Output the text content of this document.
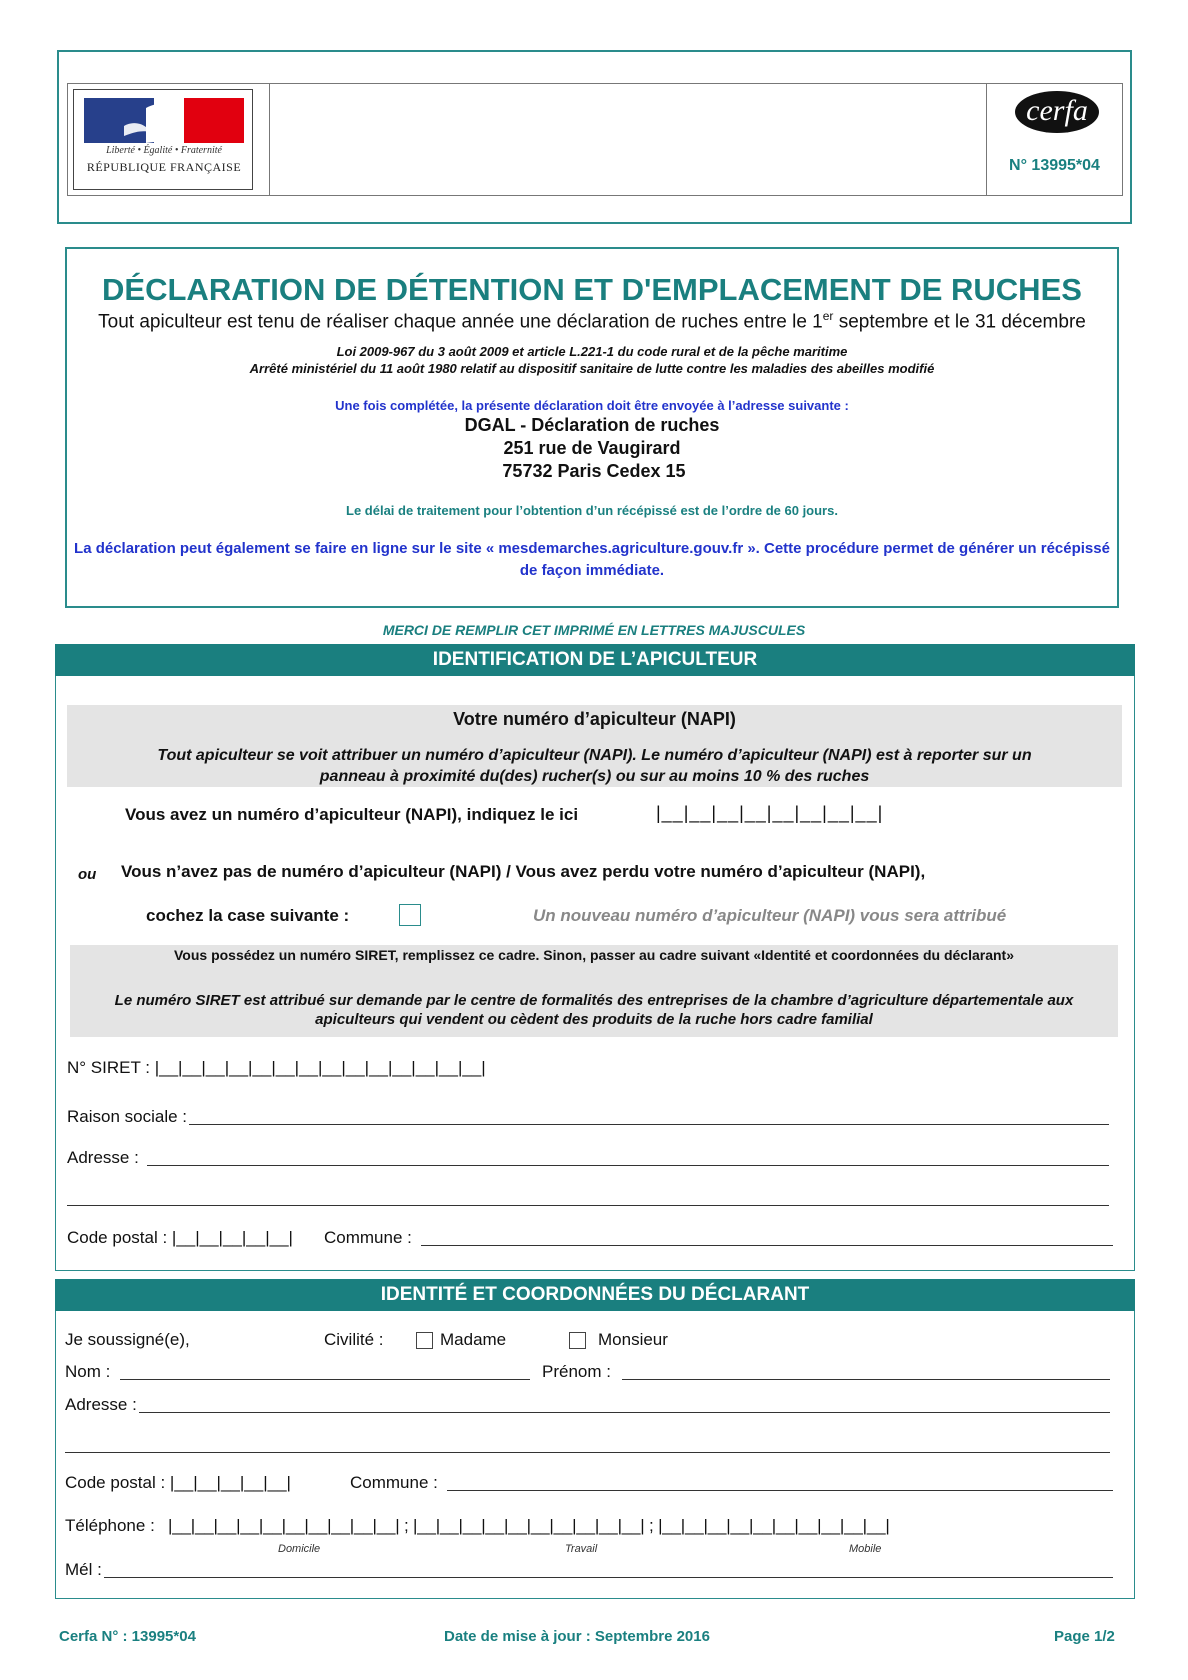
Liberté • Égalité • Fraternité
RÉPUBLIQUE FRANÇAISE
cerfa
N° 13995*04
DÉCLARATION DE DÉTENTION ET D'EMPLACEMENT DE RUCHES
Tout apiculteur est tenu de réaliser chaque année une déclaration de ruches entre le 1er septembre et le 31 décembre
Loi 2009-967 du 3 août 2009 et article L.221-1 du code rural et de la pêche maritime
Arrêté ministériel du 11 août 1980 relatif au dispositif sanitaire de lutte contre les maladies des abeilles modifié
Une fois complétée, la présente déclaration doit être envoyée à l’adresse suivante :
DGAL - Déclaration de ruches
251 rue de Vaugirard
75732 Paris Cedex 15
Le délai de traitement pour l’obtention d’un récépissé est de l’ordre de 60 jours.
La déclaration peut également se faire en ligne sur le site « mesdemarches.agriculture.gouv.fr ». Cette procédure permet de générer un récépissé
de façon immédiate.
MERCI DE REMPLIR CET IMPRIMÉ EN LETTRES MAJUSCULES
IDENTIFICATION DE L’APICULTEUR
Votre numéro d’apiculteur (NAPI)
Tout apiculteur se voit attribuer un numéro d’apiculteur (NAPI). Le numéro d’apiculteur (NAPI) est à reporter sur un
panneau à proximité du(des) rucher(s) ou sur au moins 10 % des ruches
Vous avez un numéro d’apiculteur (NAPI), indiquez le ici	|__|__|__|__|__|__|__|__|
ou Vous n’avez pas de numéro d’apiculteur (NAPI) / Vous avez perdu votre numéro d’apiculteur (NAPI),
cochez la case suivante :	Un nouveau numéro d’apiculteur (NAPI) vous sera attribué
Vous possédez un numéro SIRET, remplissez ce cadre. Sinon, passer au cadre suivant «Identité et coordonnées du déclarant»
Le numéro SIRET est attribué sur demande par le centre de formalités des entreprises de la chambre d’agriculture départementale aux
apiculteurs qui vendent ou cèdent des produits de la ruche hors cadre familial
N° SIRET : |__|__|__|__|__|__|__|__|__|__|__|__|__|__|
Raison sociale :
Adresse :
Code postal : |__|__|__|__|__| Commune :
IDENTITÉ ET COORDONNÉES DU DÉCLARANT
Je soussigné(e),	Civilité :	Madame	Monsieur
Nom :	Prénom :
Adresse :
Code postal : |__|__|__|__|__|	Commune :
Téléphone : |__|__|__|__|__|__|__|__|__|__| ; |__|__|__|__|__|__|__|__|__|__| ; |__|__|__|__|__|__|__|__|__|__|
Domicile	Travail	Mobile
Mél :
Cerfa N° : 13995*04	Date de mise à jour : Septembre 2016	Page 1/2
